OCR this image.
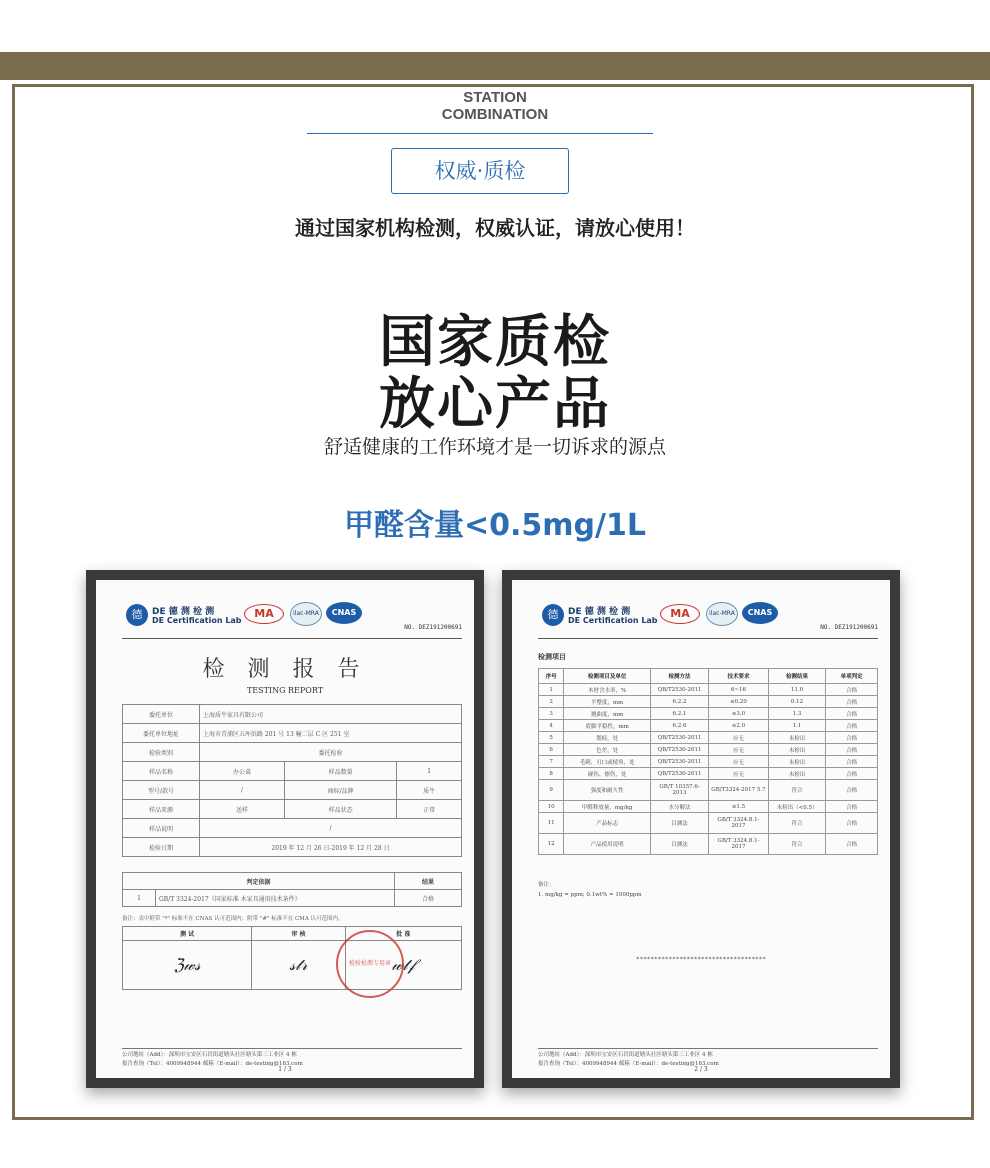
STATION
COMBINATION
权威·质检
通过国家机构检测，权威认证，请放心使用！
国家质检
放心产品
舒适健康的工作环境才是一切诉求的源点
甲醛含量<0.5mg/1L
德	DE 德 测 检 测
DE Certification Lab
MA	ilac-MRA	CNAS
NO. DEZ191200691
检 测 报 告
TESTING REPORT
委托单位	上海质牛家具有限公司		
委托单位地址	上海市青浦区五厍浜路 201 号 13 幢二层 C 区 251 室		
检验类别	委托检验		
样品名称	办公桌	样品数量	1
型号/款号	/	商标/品牌	质牛
样品来源	送样	样品状态	正常
样品说明	/		
检验日期	2019 年 12 月 26 日-2019 年 12 月 28 日		
判定依据		结果
1	GB/T 3324-2017《国家标准 木家具通用技术条件》	合格
备注：表中附带 "*" 标准不在 CNAS 认可范围内；附带 "#" 标准不在 CMA 认可范围内。
测 试	审 核	批 准
ℨ𝓌𝓈	𝓈𝓉𝓇	𝓌𝓉𝒻
检验检测专用章
公司地址（Add）：深圳市宝安区石岩街道塘头社区塘头第三工业区 4 栋
报告查询（Tel）：4009948944 邮箱（E-mail）：de-testing@163.com
1 / 3
德	DE 德 测 检 测
DE Certification Lab
MA	ilac-MRA	CNAS
NO. DEZ191200691
检测项目
序号	检测项目及单位	检测方法	技术要求	检测结果	单项判定
1	木材含水率，%	QB/T2530-2011	6~16	11.0	合格
2	平整度，mm	6.2.2	≤0.20	0.12	合格
3	翘曲度，mm	6.2.1	≤3.0	1.3	合格
4	底脚平稳性，mm	6.2.6	≤2.0	1.1	合格
5	划痕，处	QB/T2530-2011	应无	未检出	合格
6	色差，处	QB/T2530-2011	应无	未检出	合格
7	毛刺、刃口或棱角，处	QB/T2530-2011	应无	未检出	合格
8	碰伤、擦伤，处	QB/T2530-2011	应无	未检出	合格
9	强度和耐久性	GB/T 10357.6-2013	GB/T3324-2017 5.7	符合	合格
10	甲醛释放量，mg/kg	水分解法	≤1.5	未检出（<0.5）	合格
11	产品标志	目测法	GB/T 3324.8.1-2017	符合	合格
12	产品使用说明	目测法	GB/T 3324.8.1-2017	符合	合格
备注：
1. mg/kg = ppm; 0.1wt% = 1000ppm
************************************
公司地址（Add）：深圳市宝安区石岩街道塘头社区塘头第三工业区 4 栋
报告查询（Tel）：4009948944 邮箱（E-mail）：de-testing@163.com
2 / 3
